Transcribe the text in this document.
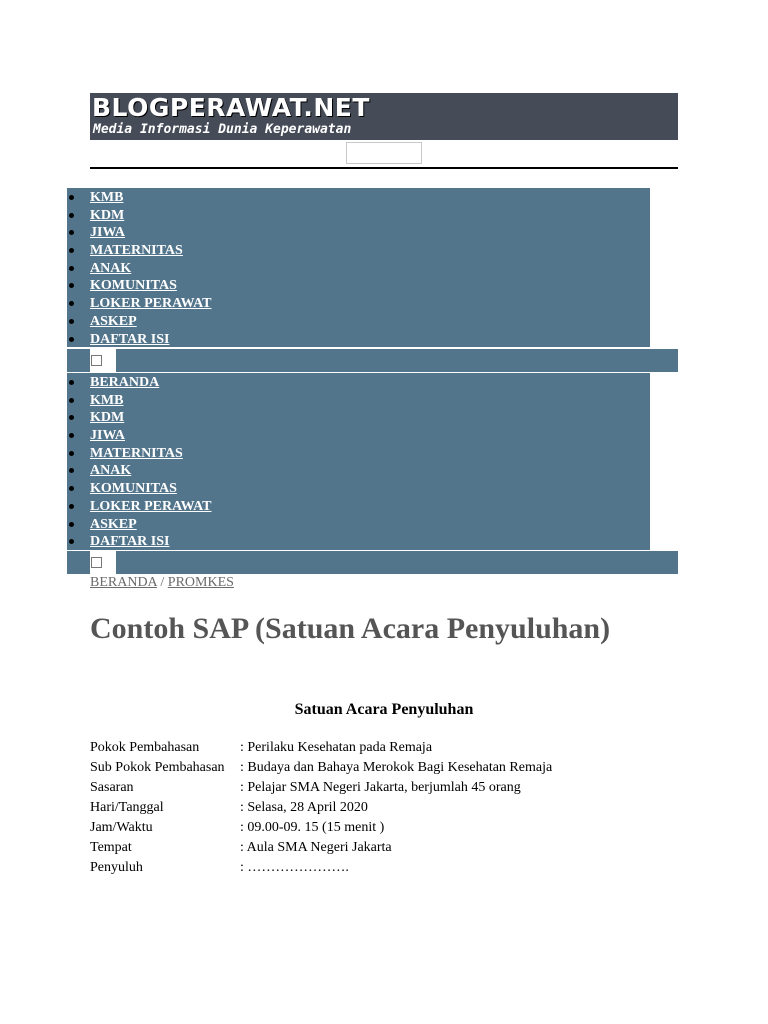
BLOGPERAWAT.NET
Media Informasi Dunia Keperawatan
KMB
KDM
JIWA
MATERNITAS
ANAK
KOMUNITAS
LOKER PERAWAT
ASKEP
DAFTAR ISI
BERANDA
KMB
KDM
JIWA
MATERNITAS
ANAK
KOMUNITAS
LOKER PERAWAT
ASKEP
DAFTAR ISI
BERANDA / PROMKES
Contoh SAP (Satuan Acara Penyuluhan)
Satuan Acara Penyuluhan
Pokok Pembahasan	: Perilaku Kesehatan pada Remaja
Sub Pokok Pembahasan	: Budaya dan Bahaya Merokok Bagi Kesehatan Remaja
Sasaran	: Pelajar SMA Negeri Jakarta, berjumlah 45 orang
Hari/Tanggal	: Selasa, 28 April 2020
Jam/Waktu	: 09.00-09. 15 (15 menit )
Tempat	: Aula SMA Negeri Jakarta
Penyuluh	: ………………….
